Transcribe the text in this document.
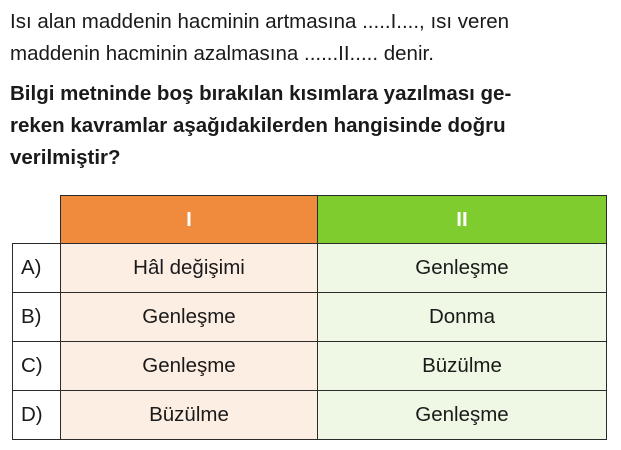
Isı alan maddenin hacminin artmasına .....I...., ısı veren
maddenin hacminin azalmasına ......II..... denir.

Bilgi metninde boş bırakılan kısımlara yazılması ge-
reken kavramlar aşağıdakilerden hangisinde doğru
verilmiştir?

	I	II
A)	Hâl değişimi	Genleşme
B)	Genleşme	Donma
C)	Genleşme	Büzülme
D)	Büzülme	Genleşme
